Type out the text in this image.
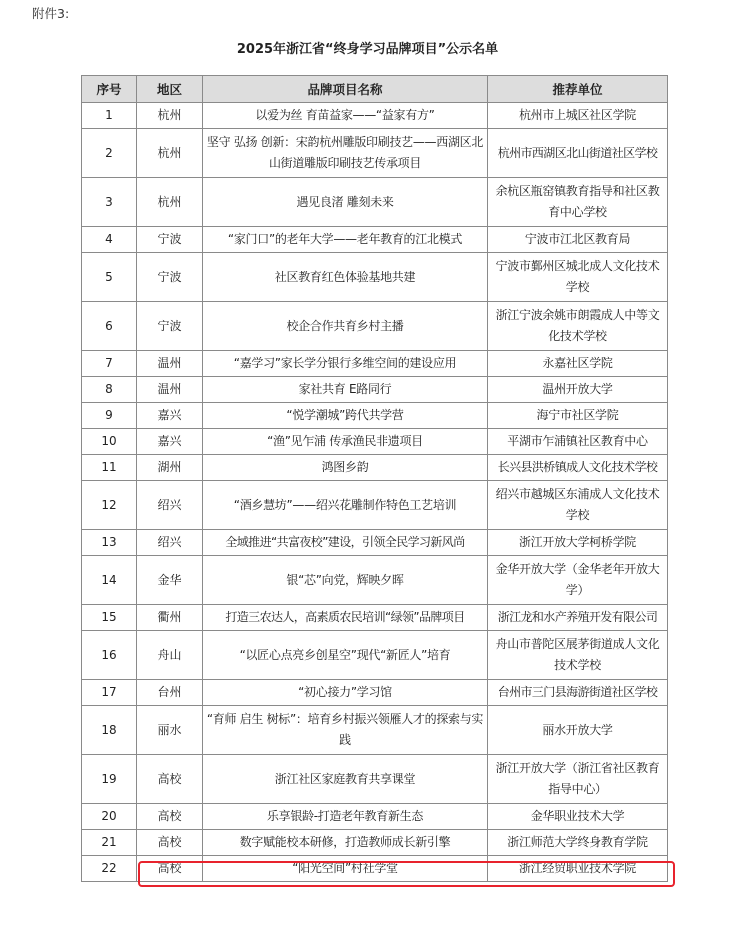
附件3:
2025年浙江省“终身学习品牌项目”公示名单
序号	地区	品牌项目名称	推荐单位
1	杭州	以爱为丝 育苗益家——“益家有方”	杭州市上城区社区学院
2	杭州	坚守 弘扬 创新：宋韵杭州雕版印刷技艺——西湖区北山街道雕版印刷技艺传承项目	杭州市西湖区北山街道社区学校
3	杭州	遇见良渚 雕刻未来	余杭区瓶窑镇教育指导和社区教育中心学校
4	宁波	“家门口”的老年大学——老年教育的江北模式	宁波市江北区教育局
5	宁波	社区教育红色体验基地共建	宁波市鄞州区城北成人文化技术学校
6	宁波	校企合作共育乡村主播	浙江宁波余姚市朗霞成人中等文化技术学校
7	温州	“嘉学习”家长学分银行多维空间的建设应用	永嘉社区学院
8	温州	家社共育 E路同行	温州开放大学
9	嘉兴	“悦学潮城”跨代共学营	海宁市社区学院
10	嘉兴	“渔”见乍浦 传承渔民非遗项目	平湖市乍浦镇社区教育中心
11	湖州	鸿图乡韵	长兴县洪桥镇成人文化技术学校
12	绍兴	“酒乡慧坊”——绍兴花雕制作特色工艺培训	绍兴市越城区东浦成人文化技术学校
13	绍兴	全域推进“共富夜校”建设，引领全民学习新风尚	浙江开放大学柯桥学院
14	金华	银“芯”向党，辉映夕晖	金华开放大学（金华老年开放大学）
15	衢州	打造三农达人，高素质农民培训“绿领”品牌项目	浙江龙和水产养殖开发有限公司
16	舟山	“以匠心点亮乡创星空”现代“新匠人”培育	舟山市普陀区展茅街道成人文化技术学校
17	台州	“初心接力”学习馆	台州市三门县海游街道社区学校
18	丽水	“育师 启生 树标”：培育乡村振兴领雁人才的探索与实践	丽水开放大学
19	高校	浙江社区家庭教育共享课堂	浙江开放大学（浙江省社区教育指导中心）
20	高校	乐享银龄-打造老年教育新生态	金华职业技术大学
21	高校	数字赋能校本研修，打造教师成长新引擎	浙江师范大学终身教育学院
22	高校	“阳光空间”村社学堂	浙江经贸职业技术学院
